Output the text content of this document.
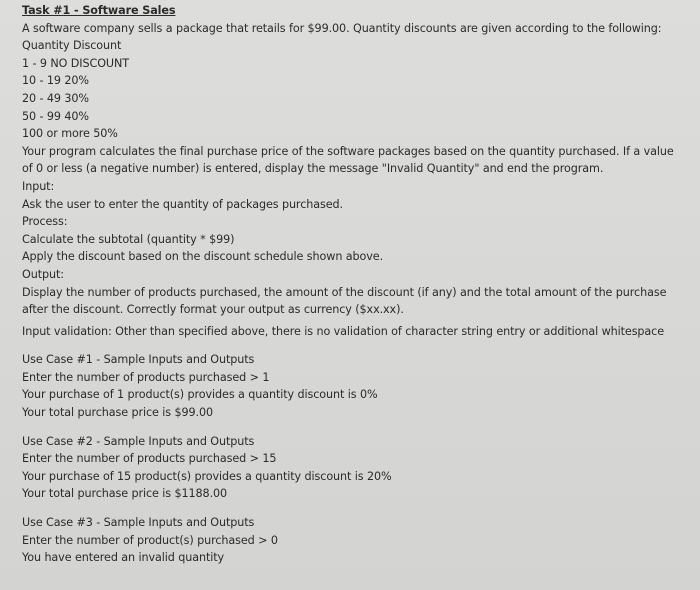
Task #1 - Software Sales
A software company sells a package that retails for $99.00. Quantity discounts are given according to the following:
Quantity Discount
1 - 9 NO DISCOUNT
10 - 19 20%
20 - 49 30%
50 - 99 40%
100 or more 50%
Your program calculates the final purchase price of the software packages based on the quantity purchased. If a value
of 0 or less (a negative number) is entered, display the message "Invalid Quantity" and end the program.
Input:
Ask the user to enter the quantity of packages purchased.
Process:
Calculate the subtotal (quantity * $99)
Apply the discount based on the discount schedule shown above.
Output:
Display the number of products purchased, the amount of the discount (if any) and the total amount of the purchase
after the discount. Correctly format your output as currency ($xx.xx).
Input validation: Other than specified above, there is no validation of character string entry or additional whitespace
Use Case #1 - Sample Inputs and Outputs
Enter the number of products purchased > 1
Your purchase of 1 product(s) provides a quantity discount is 0%
Your total purchase price is $99.00
Use Case #2 - Sample Inputs and Outputs
Enter the number of products purchased > 15
Your purchase of 15 product(s) provides a quantity discount is 20%
Your total purchase price is $1188.00
Use Case #3 - Sample Inputs and Outputs
Enter the number of product(s) purchased > 0
You have entered an invalid quantity
